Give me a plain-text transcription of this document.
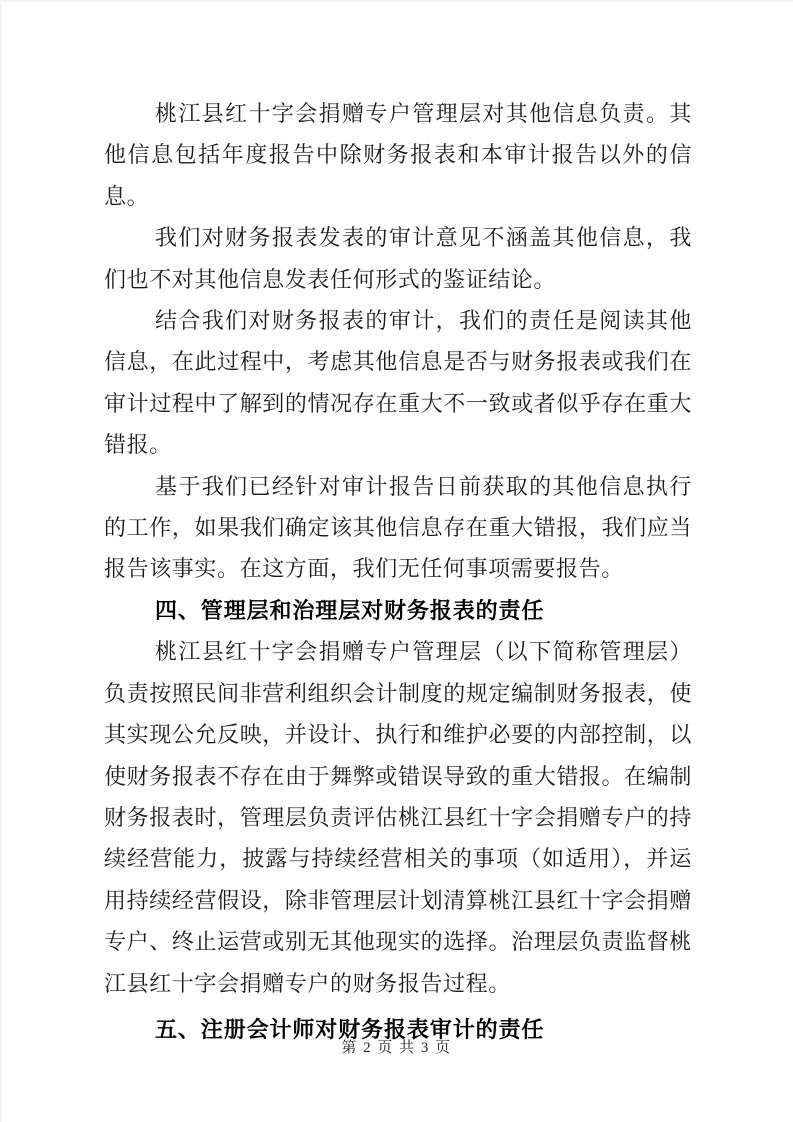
桃江县红十字会捐赠专户管理层对其他信息负责。其他信息包括年度报告中除财务报表和本审计报告以外的信息。

我们对财务报表发表的审计意见不涵盖其他信息，我们也不对其他信息发表任何形式的鉴证结论。

结合我们对财务报表的审计，我们的责任是阅读其他信息，在此过程中，考虑其他信息是否与财务报表或我们在审计过程中了解到的情况存在重大不一致或者似乎存在重大错报。

基于我们已经针对审计报告日前获取的其他信息执行的工作，如果我们确定该其他信息存在重大错报，我们应当报告该事实。在这方面，我们无任何事项需要报告。

四、管理层和治理层对财务报表的责任

桃江县红十字会捐赠专户管理层（以下简称管理层）负责按照民间非营利组织会计制度的规定编制财务报表，使其实现公允反映，并设计、执行和维护必要的内部控制，以使财务报表不存在由于舞弊或错误导致的重大错报。在编制财务报表时，管理层负责评估桃江县红十字会捐赠专户的持续经营能力，披露与持续经营相关的事项（如适用），并运用持续经营假设，除非管理层计划清算桃江县红十字会捐赠专户、终止运营或别无其他现实的选择。治理层负责监督桃江县红十字会捐赠专户的财务报告过程。

五、注册会计师对财务报表审计的责任
第 2 页 共 3 页
